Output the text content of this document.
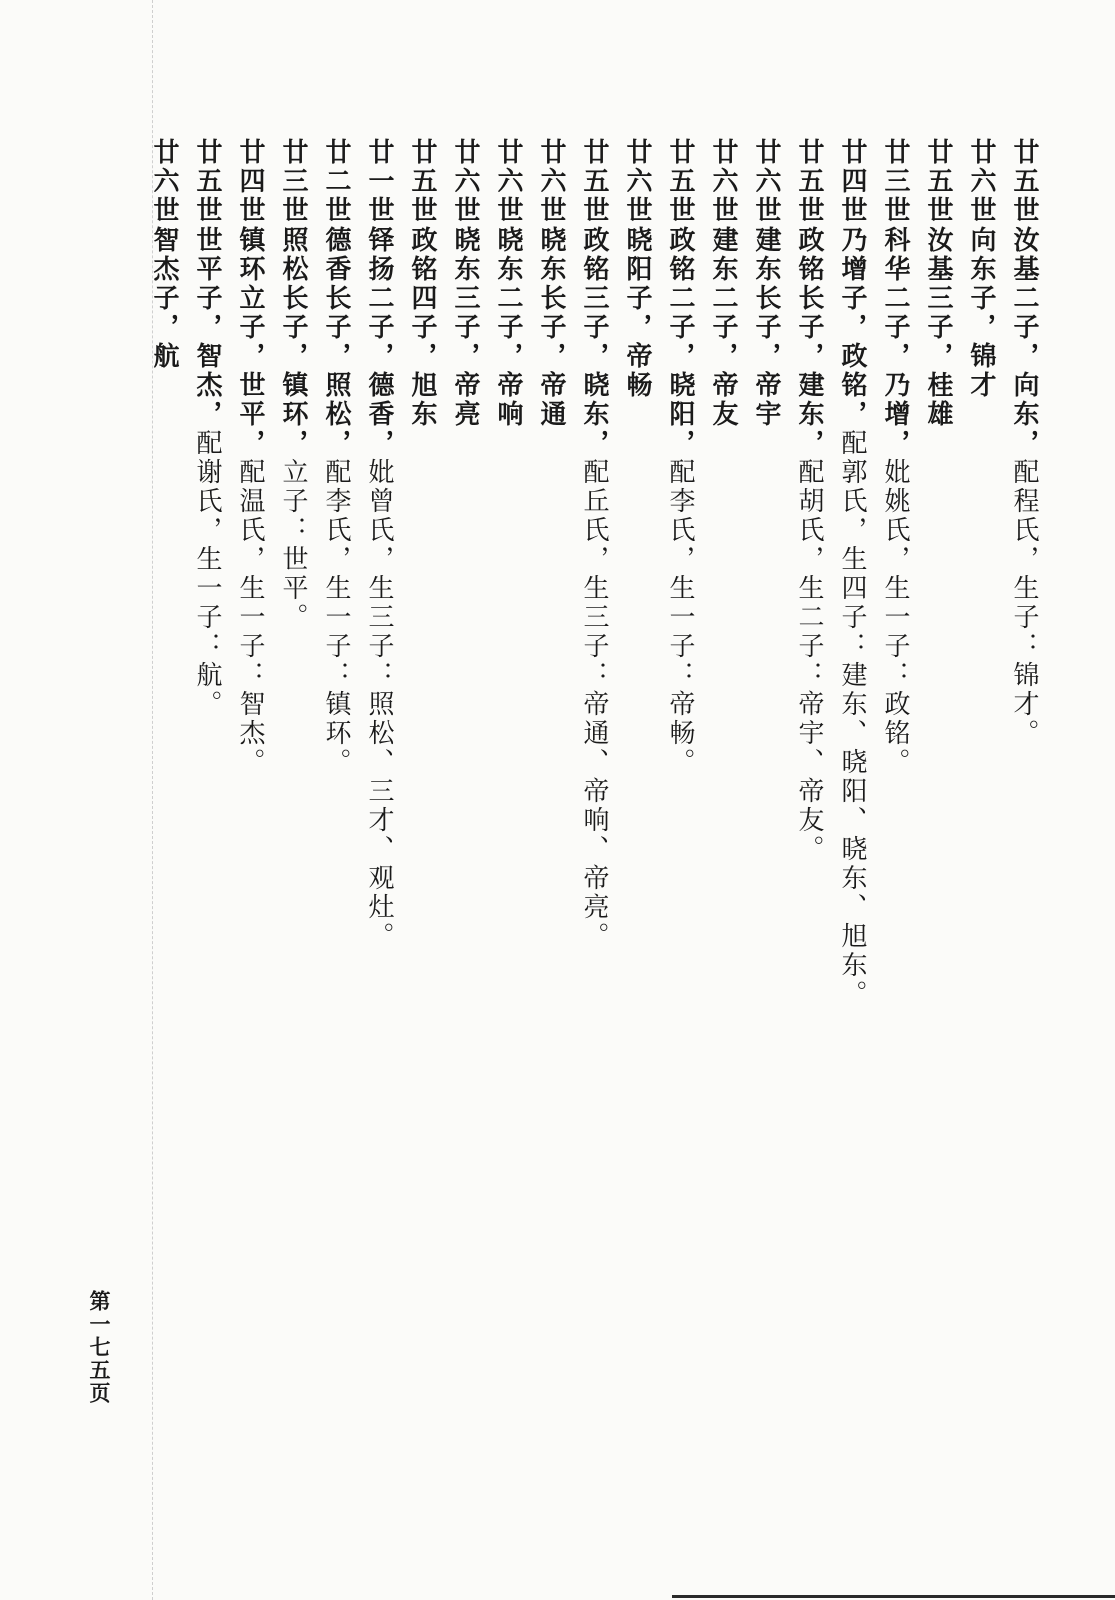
廿五世
汝基二子，向东，
配程氏，生子：锦才。
廿六世
向东子，锦才
廿五世
汝基三子，桂雄
廿三世
科华二子，乃增，
妣姚氏，生一子：政铭。
廿四世
乃增子，政铭，
配郭氏，生四子：建东、晓阳、晓东、旭东。
廿五世
政铭长子，建东，
配胡氏，生二子：帝宇、帝友。
廿六世
建东长子，帝宇
廿六世
建东二子，帝友
廿五世
政铭二子，晓阳，
配李氏，生一子：帝畅。
廿六世
晓阳子，帝畅
廿五世
政铭三子，晓东，
配丘氏，生三子：帝通、帝响、帝亮。
廿六世
晓东长子，帝通
廿六世
晓东二子，帝响
廿六世
晓东三子，帝亮
廿五世
政铭四子，旭东
廿一世
铎扬二子，德香，
妣曾氏，生三子：照松、三才、观灶。
廿二世
德香长子，照松，
配李氏，生一子：镇环。
廿三世
照松长子，镇环，
立子：世平。
廿四世
镇环立子，世平，
配温氏，生一子：智杰。
廿五世
世平子，智杰，
配谢氏，生一子：航。
廿六世
智杰子，航
第一七五页
